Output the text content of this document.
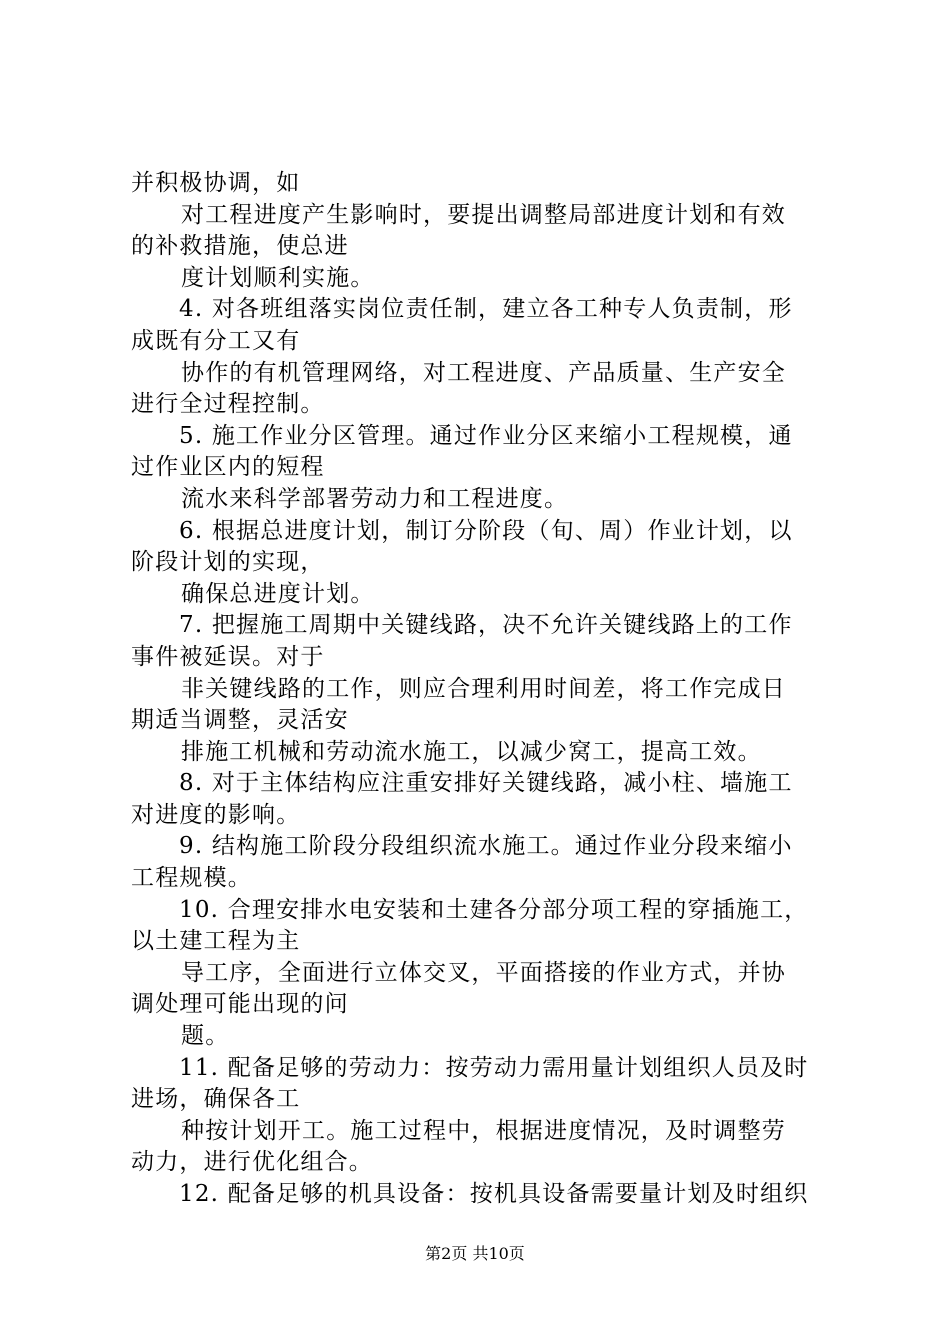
并积极协调，如
对工程进度产生影响时，要提出调整局部进度计划和有效
的补救措施，使总进
度计划顺利实施。
4. 对各班组落实岗位责任制，建立各工种专人负责制，形
成既有分工又有
协作的有机管理网络，对工程进度、产品质量、生产安全
进行全过程控制。
5. 施工作业分区管理。通过作业分区来缩小工程规模，通
过作业区内的短程
流水来科学部署劳动力和工程进度。
6. 根据总进度计划，制订分阶段（旬、周）作业计划，以
阶段计划的实现，
确保总进度计划。
7. 把握施工周期中关键线路，决不允许关键线路上的工作
事件被延误。对于
非关键线路的工作，则应合理利用时间差，将工作完成日
期适当调整，灵活安
排施工机械和劳动流水施工，以减少窝工，提高工效。
8. 对于主体结构应注重安排好关键线路，减小柱、墙施工
对进度的影响。
9. 结构施工阶段分段组织流水施工。通过作业分段来缩小
工程规模。
10. 合理安排水电安装和土建各分部分项工程的穿插施工，
以土建工程为主
导工序，全面进行立体交叉，平面搭接的作业方式，并协
调处理可能出现的问
题。
11. 配备足够的劳动力：按劳动力需用量计划组织人员及时
进场，确保各工
种按计划开工。施工过程中，根据进度情况，及时调整劳
动力，进行优化组合。
12. 配备足够的机具设备：按机具设备需要量计划及时组织
第2页 共10页
